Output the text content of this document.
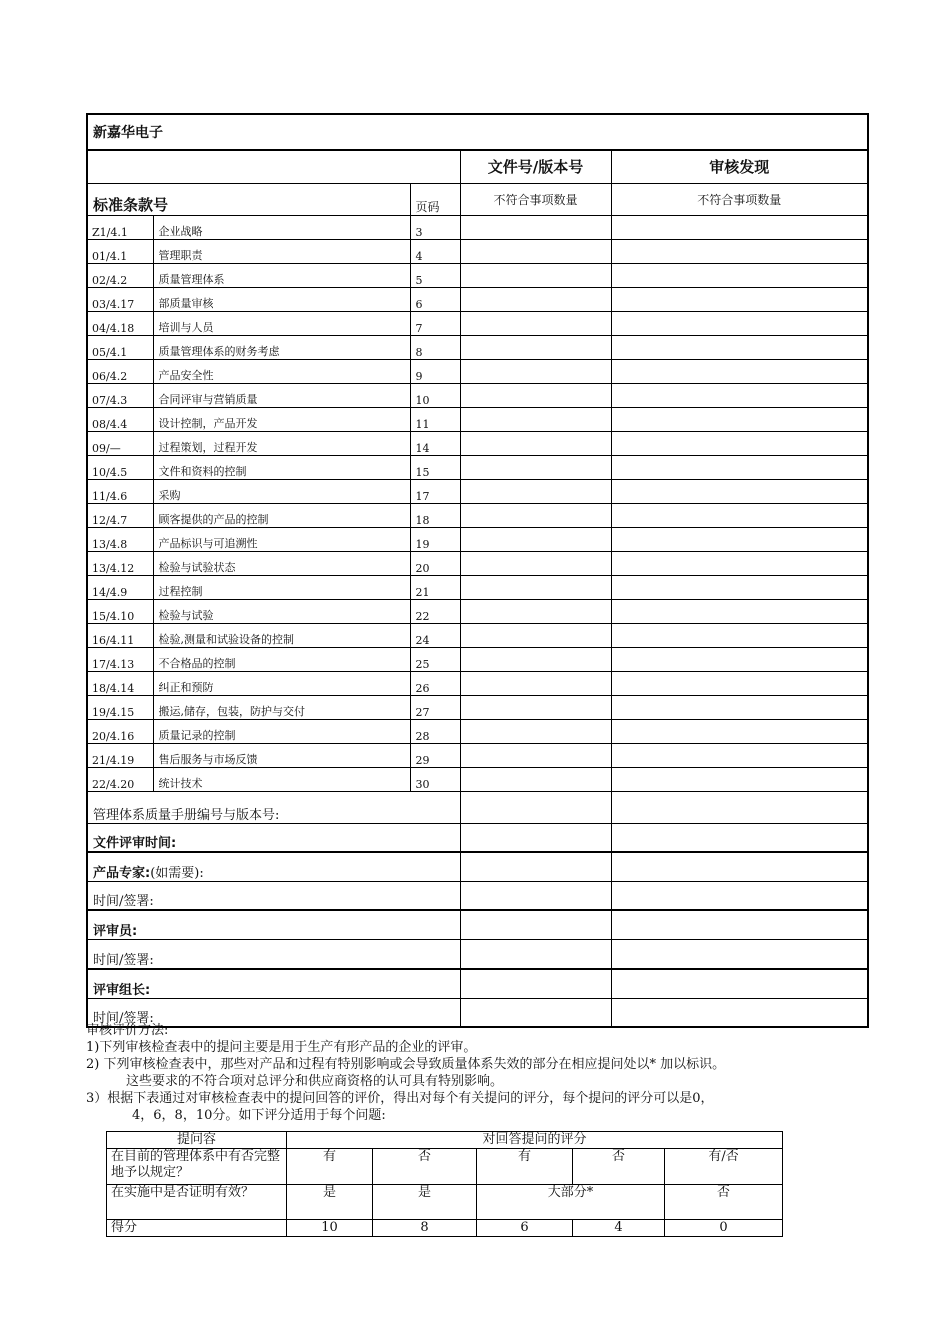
新嘉华电子				
			文件号/版本号	审核发现
标准条款号		页码	不符合事项数量	不符合事项数量
Z1/4.1	企业战略	3		
01/4.1	管理职责	4		
02/4.2	质量管理体系	5		
03/4.17	部质量审核	6		
04/4.18	培训与人员	7		
05/4.1	质量管理体系的财务考虑	8		
06/4.2	产品安全性	9		
07/4.3	合同评审与营销质量	10		
08/4.4	设计控制，产品开发	11		
09/—	过程策划，过程开发	14		
10/4.5	文件和资料的控制	15		
11/4.6	采购	17		
12/4.7	顾客提供的产品的控制	18		
13/4.8	产品标识与可追溯性	19		
13/4.12	检验与试验状态	20		
14/4.9	过程控制	21		
15/4.10	检验与试验	22		
16/4.11	检验,测量和试验设备的控制	24		
17/4.13	不合格品的控制	25		
18/4.14	纠正和预防	26		
19/4.15	搬运,储存，包装，防护与交付	27		
20/4.16	质量记录的控制	28		
21/4.19	售后服务与市场反馈	29		
22/4.20	统计技术	30		
管理体系质量手册编号与版本号:				
文件评审时间:				
产品专家:(如需要):				
时间/签署:				
评审员:				
时间/签署:				
评审组长:				
时间/签署:				
审核评价方法:
1)下列审核检查表中的提问主要是用于生产有形产品的企业的评审。
2) 下列审核检查表中，那些对产品和过程有特别影响或会导致质量体系失效的部分在相应提问处以* 加以标识。
这些要求的不符合项对总评分和供应商资格的认可具有特别影响。
3）根据下表通过对审核检查表中的提问回答的评价，得出对每个有关提问的评分，每个提问的评分可以是0，
4，6，8，10分。如下评分适用于每个问题:
提问容	对回答提问的评分				
在目前的管理体系中有否完整地予以规定？	有	否	有	否	有/否
在实施中是否证明有效？	是	是	大部分*		否
得分	10	8	6	4	0
